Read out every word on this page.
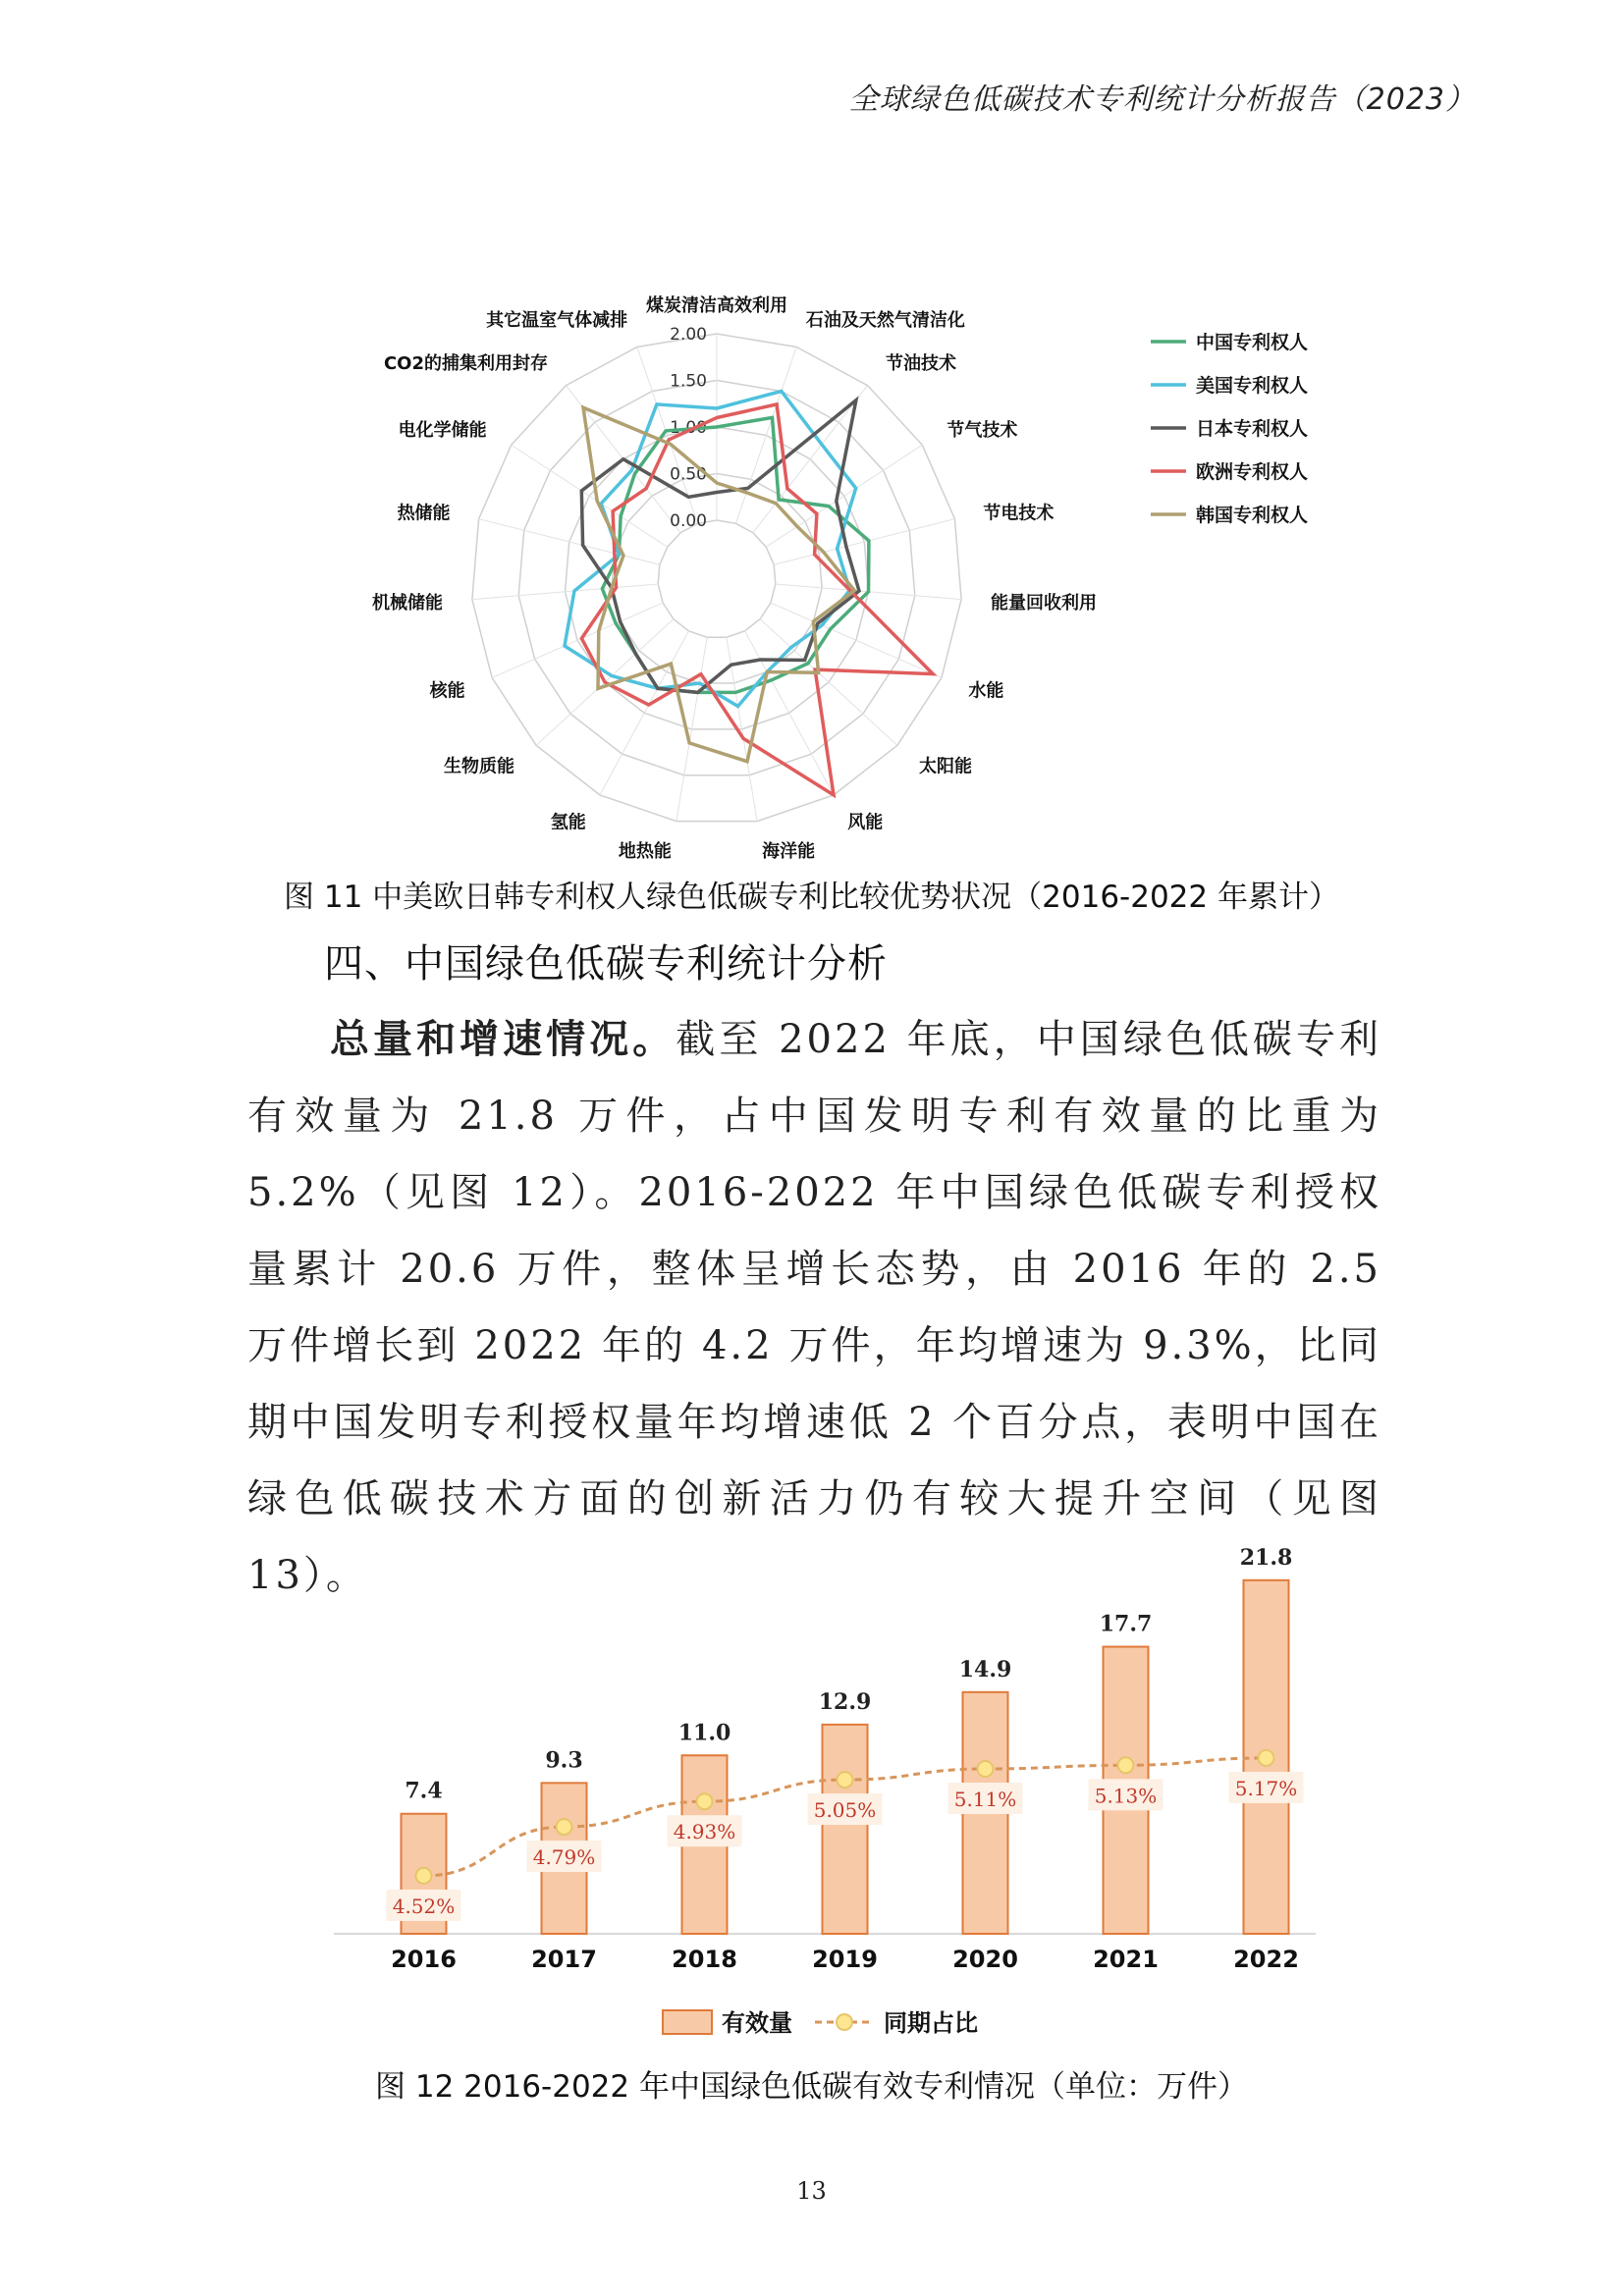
全球绿色低碳技术专利统计分析报告（2023）
0.00
0.50
1.00
1.50
2.00
煤炭清洁高效利用
石油及天然气清洁化
节油技术
节气技术
节电技术
能量回收利用
水能
太阳能
风能
海洋能
地热能
氢能
生物质能
核能
机械储能
热储能
电化学储能
CO2的捕集利用封存
其它温室气体减排
中国专利权人
美国专利权人
日本专利权人
欧洲专利权人
韩国专利权人
图 11 中美欧日韩专利权人绿色低碳专利比较优势状况（2016-2022 年累计）
四、中国绿色低碳专利统计分析
总量和增速情况。截至 2022 年底，中国绿色低碳专利有效量为 21.8 万件，占中国发明专利有效量的比重为 5.2%（见图 12）。2016-2022 年中国绿色低碳专利授权量累计 20.6 万件，整体呈增长态势，由 2016 年的 2.5 万件增长到 2022 年的 4.2 万件，年均增速为 9.3%，比同期中国发明专利授权量年均增速低 2 个百分点，表明中国在绿色低碳技术方面的创新活力仍有较大提升空间（见图 13）。
7.4
2016
9.3
2017
11.0
2018
12.9
2019
14.9
2020
17.7
2021
21.8
2022
4.52%
4.79%
4.93%
5.05%	5.11%	5.13%	5.17%
有效量	同期占比
图 12 2016-2022 年中国绿色低碳有效专利情况（单位：万件）
13
